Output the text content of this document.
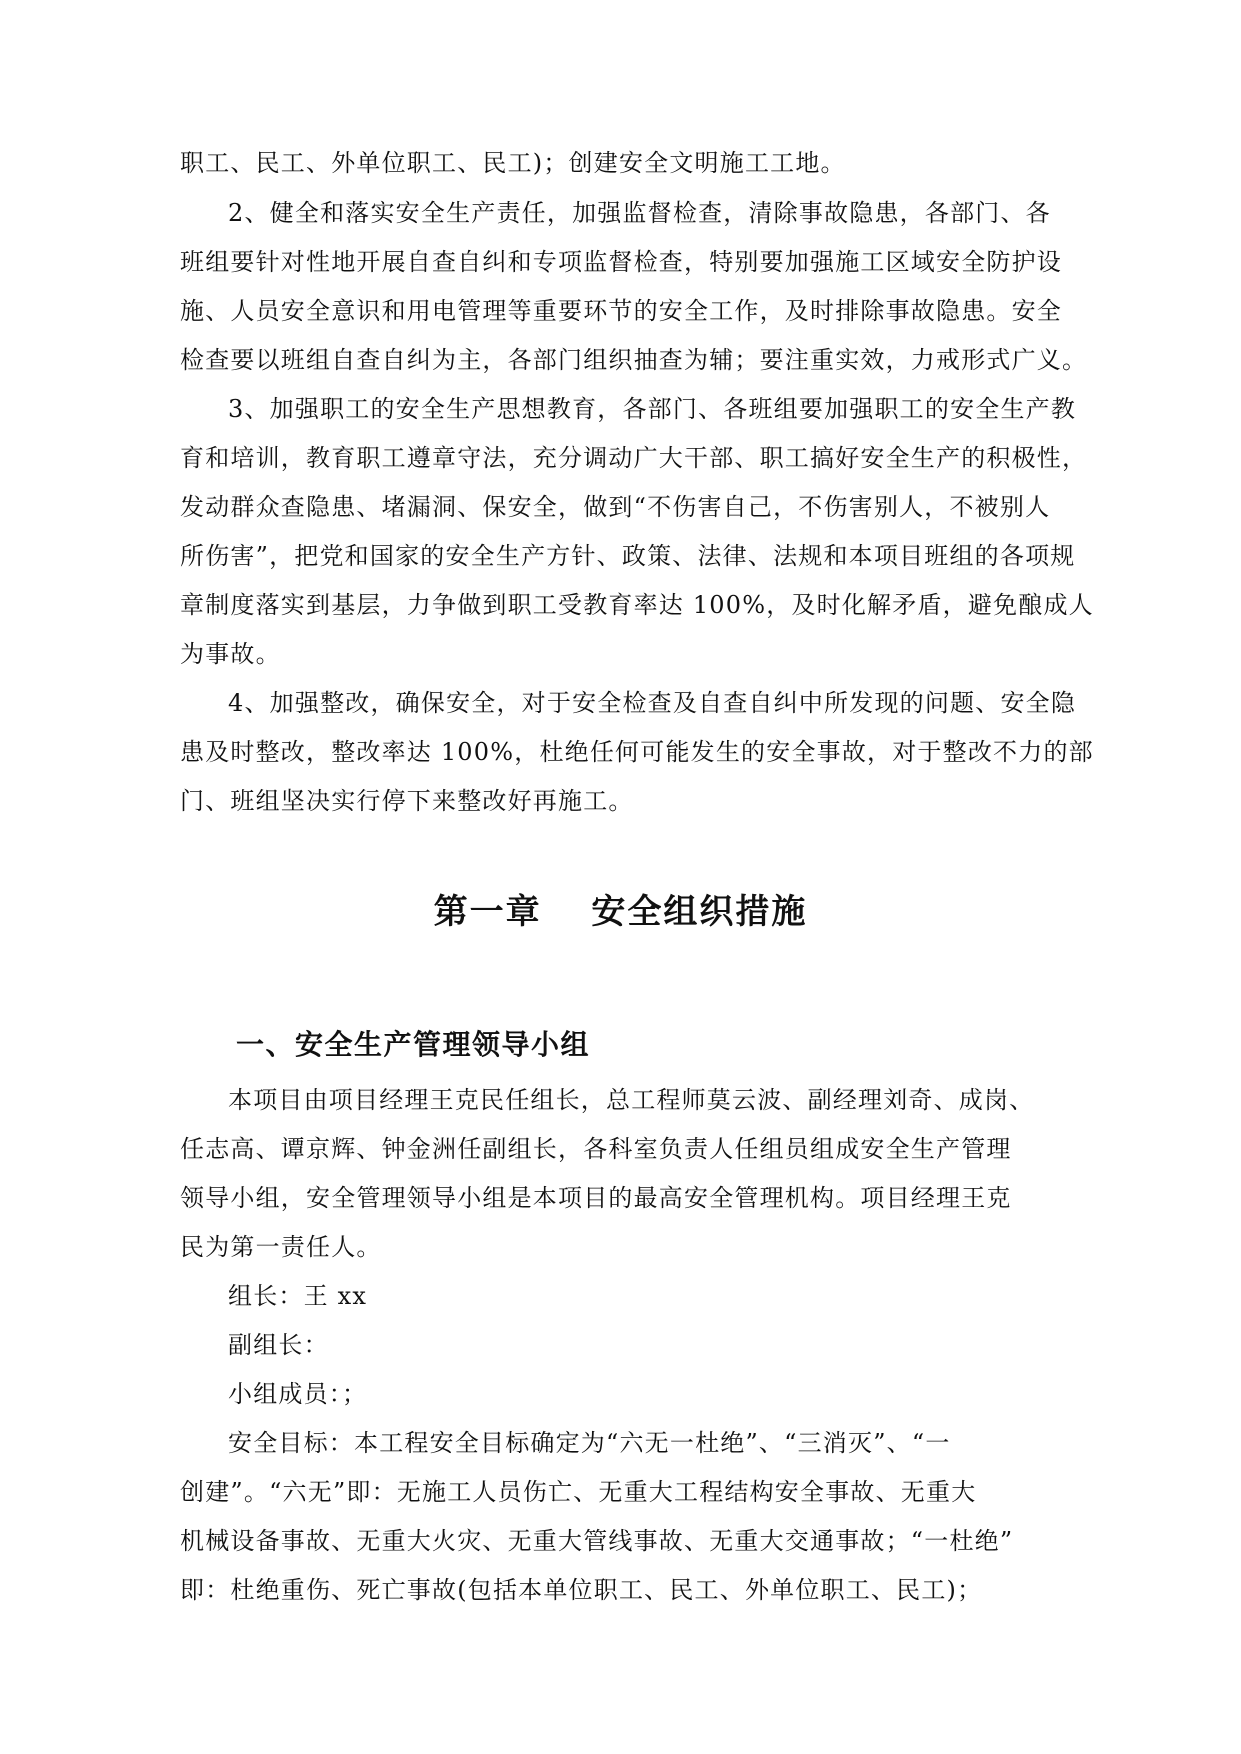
职工、民工、外单位职工、民工)；创建安全文明施工工地。
2、健全和落实安全生产责任，加强监督检查，清除事故隐患，各部门、各
班组要针对性地开展自查自纠和专项监督检查，特别要加强施工区域安全防护设
施、人员安全意识和用电管理等重要环节的安全工作，及时排除事故隐患。安全
检查要以班组自查自纠为主，各部门组织抽查为辅；要注重实效，力戒形式广义。
3、加强职工的安全生产思想教育，各部门、各班组要加强职工的安全生产教
育和培训，教育职工遵章守法，充分调动广大干部、职工搞好安全生产的积极性，
发动群众查隐患、堵漏洞、保安全，做到“不伤害自己，不伤害别人，不被别人
所伤害”，把党和国家的安全生产方针、政策、法律、法规和本项目班组的各项规
章制度落实到基层，力争做到职工受教育率达 100%，及时化解矛盾，避免酿成人
为事故。
4、加强整改，确保安全，对于安全检查及自查自纠中所发现的问题、安全隐
患及时整改，整改率达 100%，杜绝任何可能发生的安全事故，对于整改不力的部
门、班组坚决实行停下来整改好再施工。
第一章　 安全组织措施
一、安全生产管理领导小组
本项目由项目经理王克民任组长，总工程师莫云波、副经理刘奇、成岗、
任志高、谭京辉、钟金洲任副组长，各科室负责人任组员组成安全生产管理
领导小组，安全管理领导小组是本项目的最高安全管理机构。项目经理王克
民为第一责任人。
组长：王 xx
副组长：
小组成员：；
安全目标：本工程安全目标确定为“六无一杜绝”、“三消灭”、“一
创建”。“六无”即：无施工人员伤亡、无重大工程结构安全事故、无重大
机械设备事故、无重大火灾、无重大管线事故、无重大交通事故；“一杜绝”
即：杜绝重伤、死亡事故(包括本单位职工、民工、外单位职工、民工)；
